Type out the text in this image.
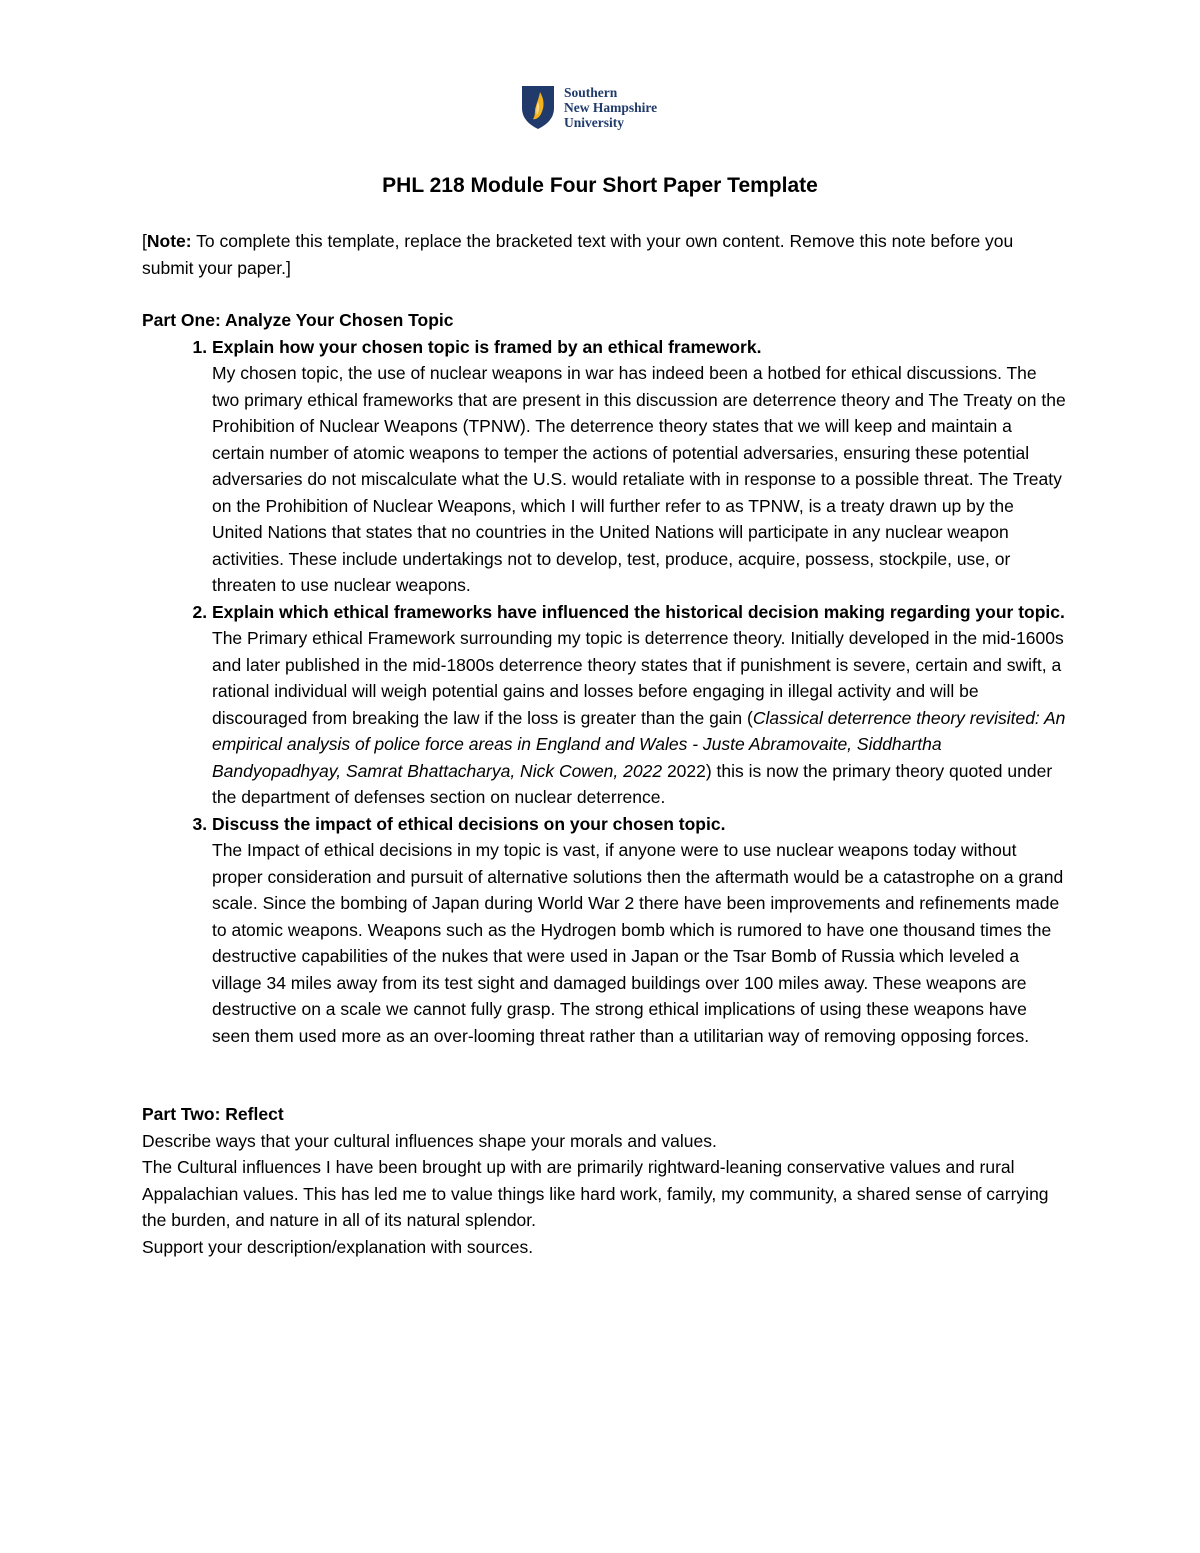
Southern
New Hampshire
University
PHL 218 Module Four Short Paper Template

[Note: To complete this template, replace the bracketed text with your own content. Remove this note before you submit your paper.]

Part One: Analyze Your Chosen Topic

1. Explain how your chosen topic is framed by an ethical framework.
My chosen topic, the use of nuclear weapons in war has indeed been a hotbed for ethical discussions. The two primary ethical frameworks that are present in this discussion are deterrence theory and The Treaty on the Prohibition of Nuclear Weapons (TPNW). The deterrence theory states that we will keep and maintain a certain number of atomic weapons to temper the actions of potential adversaries, ensuring these potential adversaries do not miscalculate what the U.S. would retaliate with in response to a possible threat. The Treaty on the Prohibition of Nuclear Weapons, which I will further refer to as TPNW, is a treaty drawn up by the United Nations that states that no countries in the United Nations will participate in any nuclear weapon activities. These include undertakings not to develop, test, produce, acquire, possess, stockpile, use, or threaten to use nuclear weapons.
2. Explain which ethical frameworks have influenced the historical decision making regarding your topic.
The Primary ethical Framework surrounding my topic is deterrence theory. Initially developed in the mid-1600s and later published in the mid-1800s deterrence theory states that if punishment is severe, certain and swift, a rational individual will weigh potential gains and losses before engaging in illegal activity and will be discouraged from breaking the law if the loss is greater than the gain (Classical deterrence theory revisited: An empirical analysis of police force areas in England and Wales - Juste Abramovaite, Siddhartha Bandyopadhyay, Samrat Bhattacharya, Nick Cowen, 2022 2022) this is now the primary theory quoted under the department of defenses section on nuclear deterrence.
3. Discuss the impact of ethical decisions on your chosen topic.
The Impact of ethical decisions in my topic is vast, if anyone were to use nuclear weapons today without proper consideration and pursuit of alternative solutions then the aftermath would be a catastrophe on a grand scale. Since the bombing of Japan during World War 2 there have been improvements and refinements made to atomic weapons. Weapons such as the Hydrogen bomb which is rumored to have one thousand times the destructive capabilities of the nukes that were used in Japan or the Tsar Bomb of Russia which leveled a village 34 miles away from its test sight and damaged buildings over 100 miles away. These weapons are destructive on a scale we cannot fully grasp. The strong ethical implications of using these weapons have seen them used more as an over-looming threat rather than a utilitarian way of removing opposing forces.

Part Two: Reflect

Describe ways that your cultural influences shape your morals and values.
The Cultural influences I have been brought up with are primarily rightward-leaning conservative values and rural Appalachian values. This has led me to value things like hard work, family, my community, a shared sense of carrying the burden, and nature in all of its natural splendor.
Support your description/explanation with sources.
